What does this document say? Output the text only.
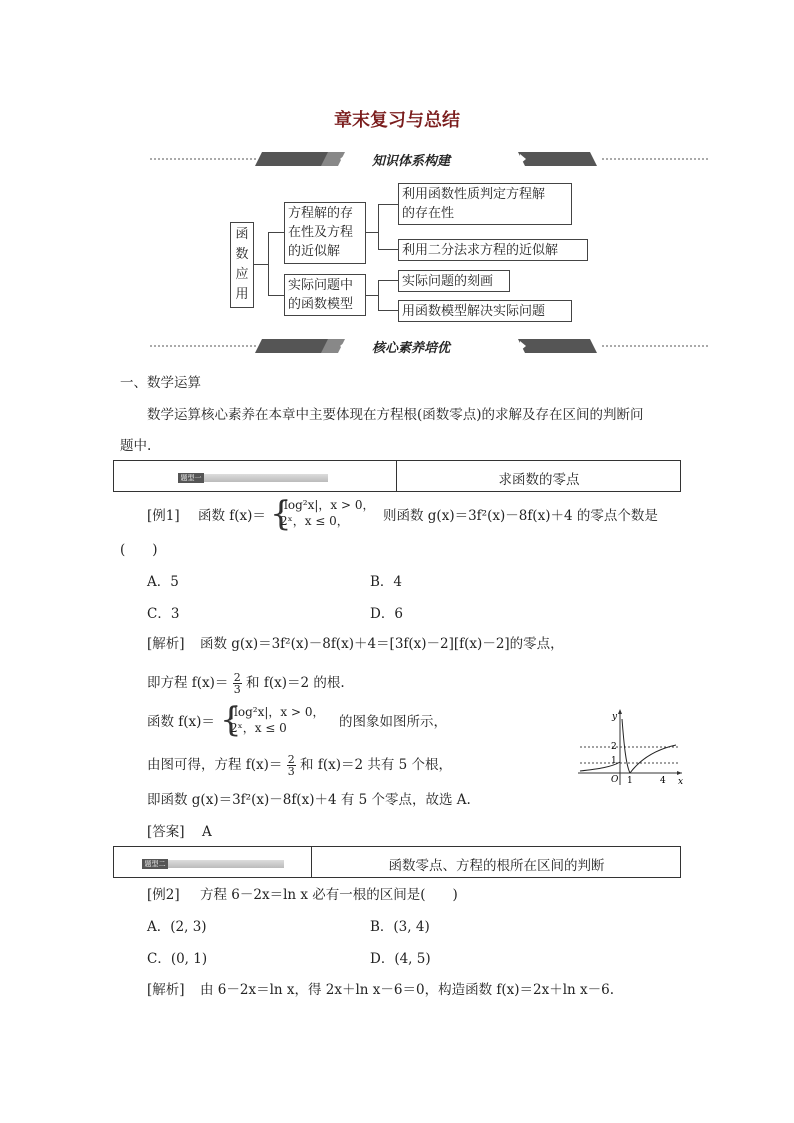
章末复习与总结
知识体系构建
函
数
应
用
方程解的存
在性及方程
的近似解
实际问题中
的函数模型
利用函数性质判定方程解
的存在性
利用二分法求方程的近似解
实际问题的刻画
用函数模型解决实际问题
核心素养培优
一、数学运算
数学运算核心素养在本章中主要体现在方程根(函数零点)的求解及存在区间的判断问
题中.
题型一	求函数的零点
[例1] 函数 f(x)＝ {
|log²x|，x > 0，
2ˣ，x ≤ 0，	则函数 g(x)＝3f²(x)－8f(x)＋4 的零点个数是
(　　)
A．5	B．4
C．3	D．6
[解析] 函数 g(x)＝3f²(x)－8f(x)＋4＝[3f(x)－2][f(x)－2]的零点，
即方程 $f(x)= \frac{2}{3}$ 和 f(x)＝2 的根.
函数 f(x)＝ {
|log²x|，x > 0，
2ˣ，x ≤ 0	的图象如图所示，
由图可得，方程 $f(x)= \frac{2}{3}$ 和 f(x)＝2 共有 5 个根，
即函数 g(x)＝3f²(x)－8f(x)＋4 有 5 个零点，故选 A.
[答案] A
y
x
O 1	4
2
1
题型二	函数零点、方程的根所在区间的判断
[例2] 方程 6－2x＝ln x 必有一根的区间是(　　)
A．(2, 3)	B．(3, 4)
C．(0, 1)	D．(4, 5)
[解析] 由 6－2x＝ln x，得 2x＋ln x－6＝0，构造函数 f(x)＝2x＋ln x－6.
